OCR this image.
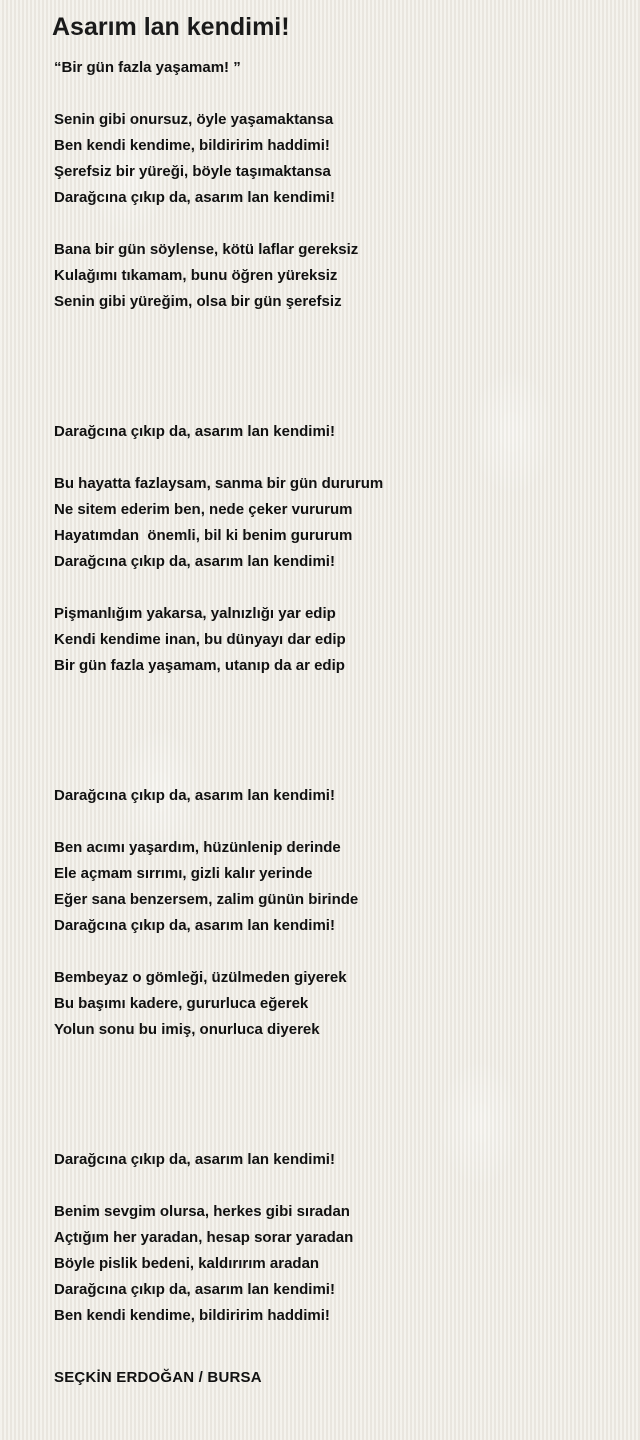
Asarım lan kendimi!
“Bir gün fazla yaşamam! ”
Senin gibi onursuz, öyle yaşamaktansa
Ben kendi kendime, bildiririm haddimi!
Şerefsiz bir yüreği, böyle taşımaktansa
Darağcına çıkıp da, asarım lan kendimi!
Bana bir gün söylense, kötü laflar gereksiz
Kulağımı tıkamam, bunu öğren yüreksiz
Senin gibi yüreğim, olsa bir gün şerefsiz
Darağcına çıkıp da, asarım lan kendimi!
Bu hayatta fazlaysam, sanma bir gün dururum
Ne sitem ederim ben, nede çeker vururum
Hayatımdan  önemli, bil ki benim gururum
Darağcına çıkıp da, asarım lan kendimi!
Pişmanlığım yakarsa, yalnızlığı yar edip
Kendi kendime inan, bu dünyayı dar edip
Bir gün fazla yaşamam, utanıp da ar edip
Darağcına çıkıp da, asarım lan kendimi!
Ben acımı yaşardım, hüzünlenip derinde
Ele açmam sırrımı, gizli kalır yerinde
Eğer sana benzersem, zalim günün birinde
Darağcına çıkıp da, asarım lan kendimi!
Bembeyaz o gömleği, üzülmeden giyerek
Bu başımı kadere, gururluca eğerek
Yolun sonu bu imiş, onurluca diyerek
Darağcına çıkıp da, asarım lan kendimi!
Benim sevgim olursa, herkes gibi sıradan
Açtığım her yaradan, hesap sorar yaradan
Böyle pislik bedeni, kaldırırım aradan
Darağcına çıkıp da, asarım lan kendimi!
Ben kendi kendime, bildiririm haddimi!
SEÇKİN ERDOĞAN / BURSA
